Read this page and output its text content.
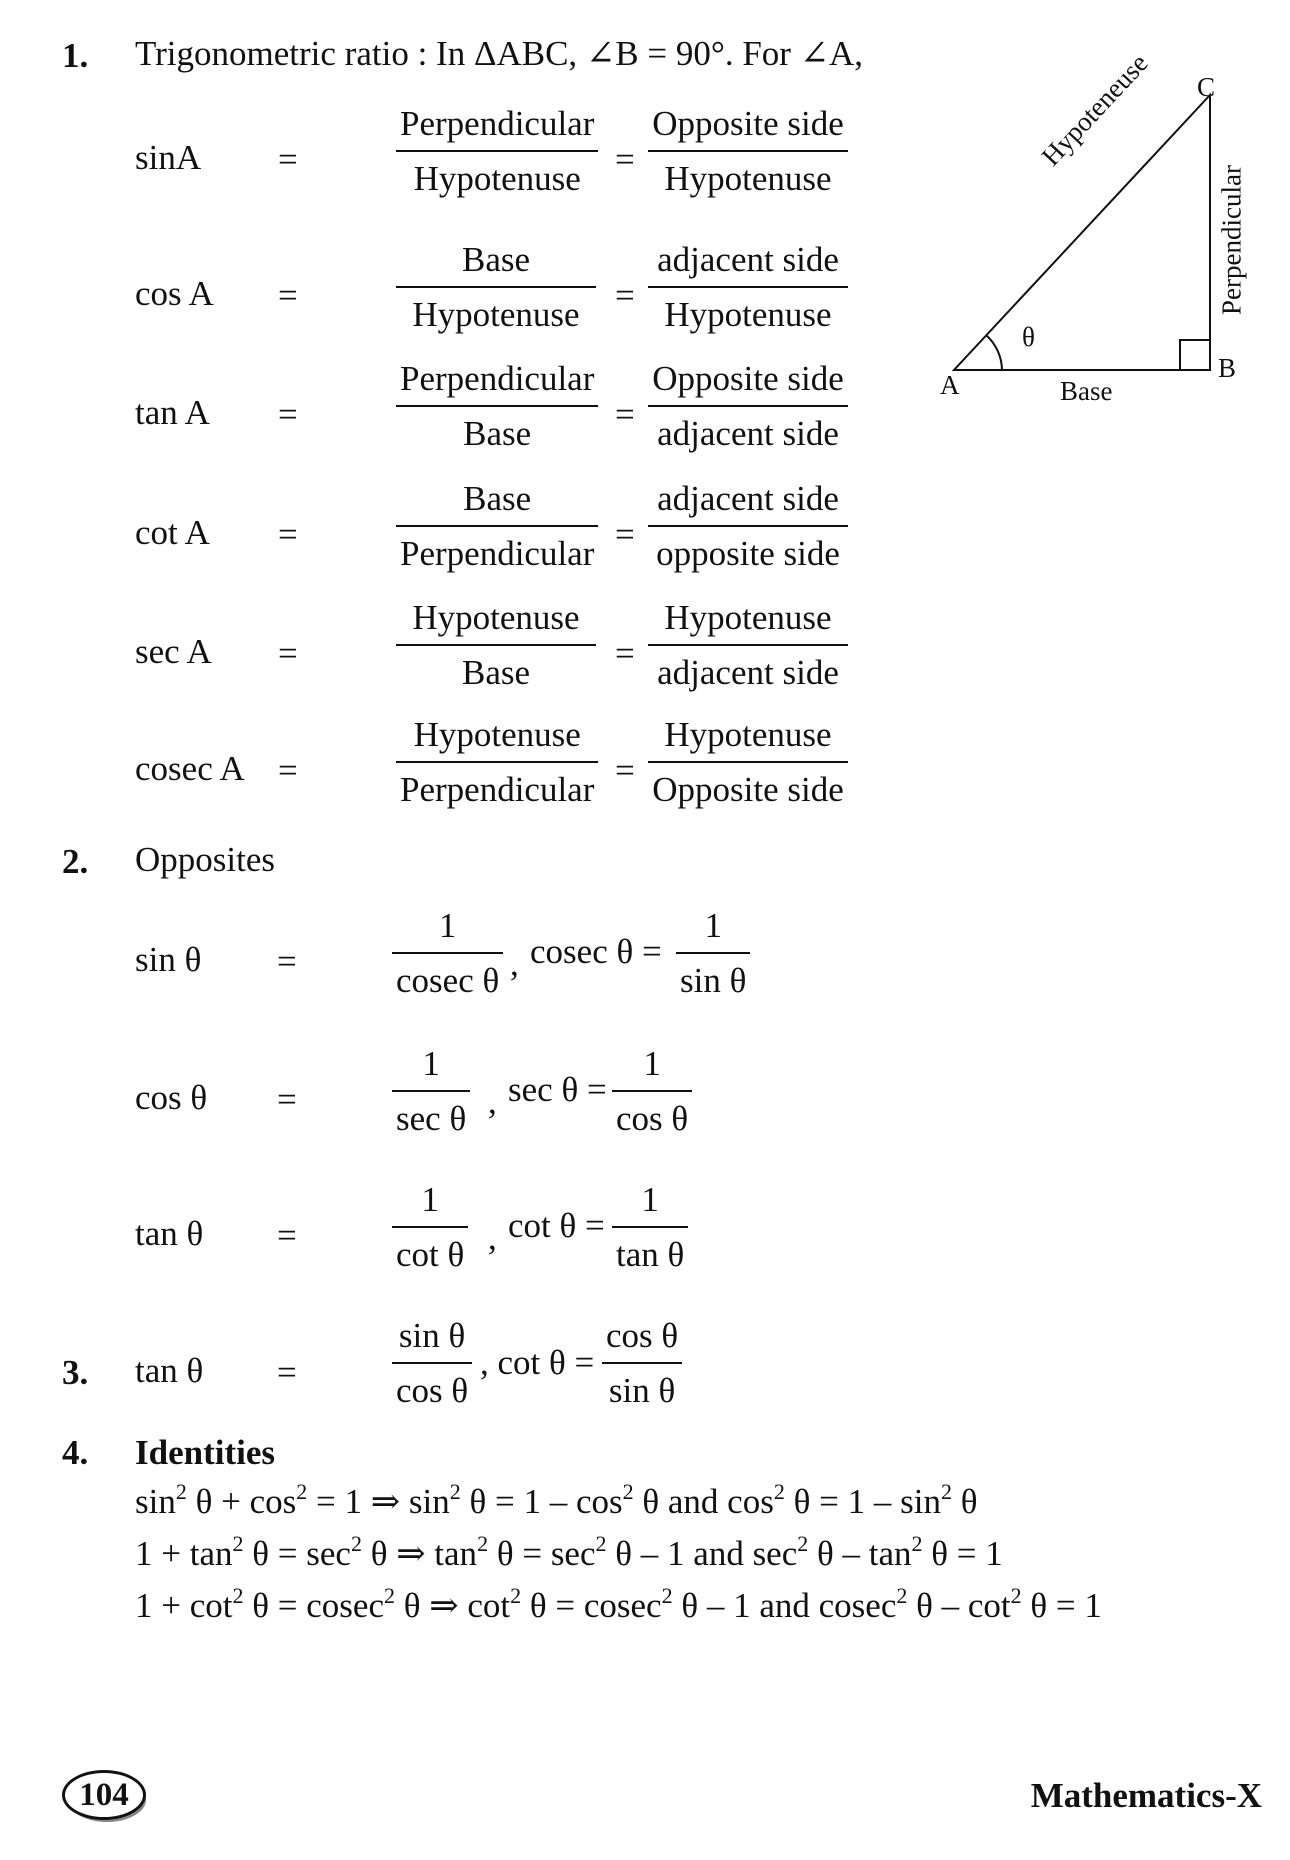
1. Trigonometric ratio : In ΔABC, ∠B = 90°. For ∠A,
sinA =
Perpendicular
Hypotenuse =
Opposite side
Hypotenuse
cos A =
Base
Hypotenuse =
adjacent side
Hypotenuse
tan A =
Perpendicular
Base =
Opposite side
adjacent side
cot A =
Base
Perpendicular =
adjacent side
opposite side
sec A =
Hypotenuse
Base =
Hypotenuse
adjacent side
cosec A =
Hypotenuse
Perpendicular =
Hypotenuse
Opposite side
A
B
C
θ
Base
Hypoteneuse
Perpendicular
2. Opposites
sin θ =
1
cosec θ , cosec θ =
1
sin θ
cos θ =
1
sec θ , sec θ =
1
cos θ
tan θ =
1
cot θ , cot θ =
1
tan θ
3. tan θ =
sin θ
cos θ
, cot θ =
cos θ
sin θ
4. Identities
$\sin^2 \theta + \cos^2 = 1$ ⇒ $\sin^2 \theta = 1 - \cos^2 \theta$ and $\cos^2 \theta = 1 - \sin^2 \theta$
$1 + \tan^2 \theta = \sec^2 \theta$ ⇒ $\tan^2 \theta = \sec^2 \theta - 1$ and $\sec^2 \theta - \tan^2 \theta = 1$
$1 + \cot^2 \theta = cosec^2$ θ ⇒ $\cot^2 \theta = cosec^2$ θ – 1 and cosec$^2$ $\theta - \cot^2 \theta = 1$
104	Mathematics-X
